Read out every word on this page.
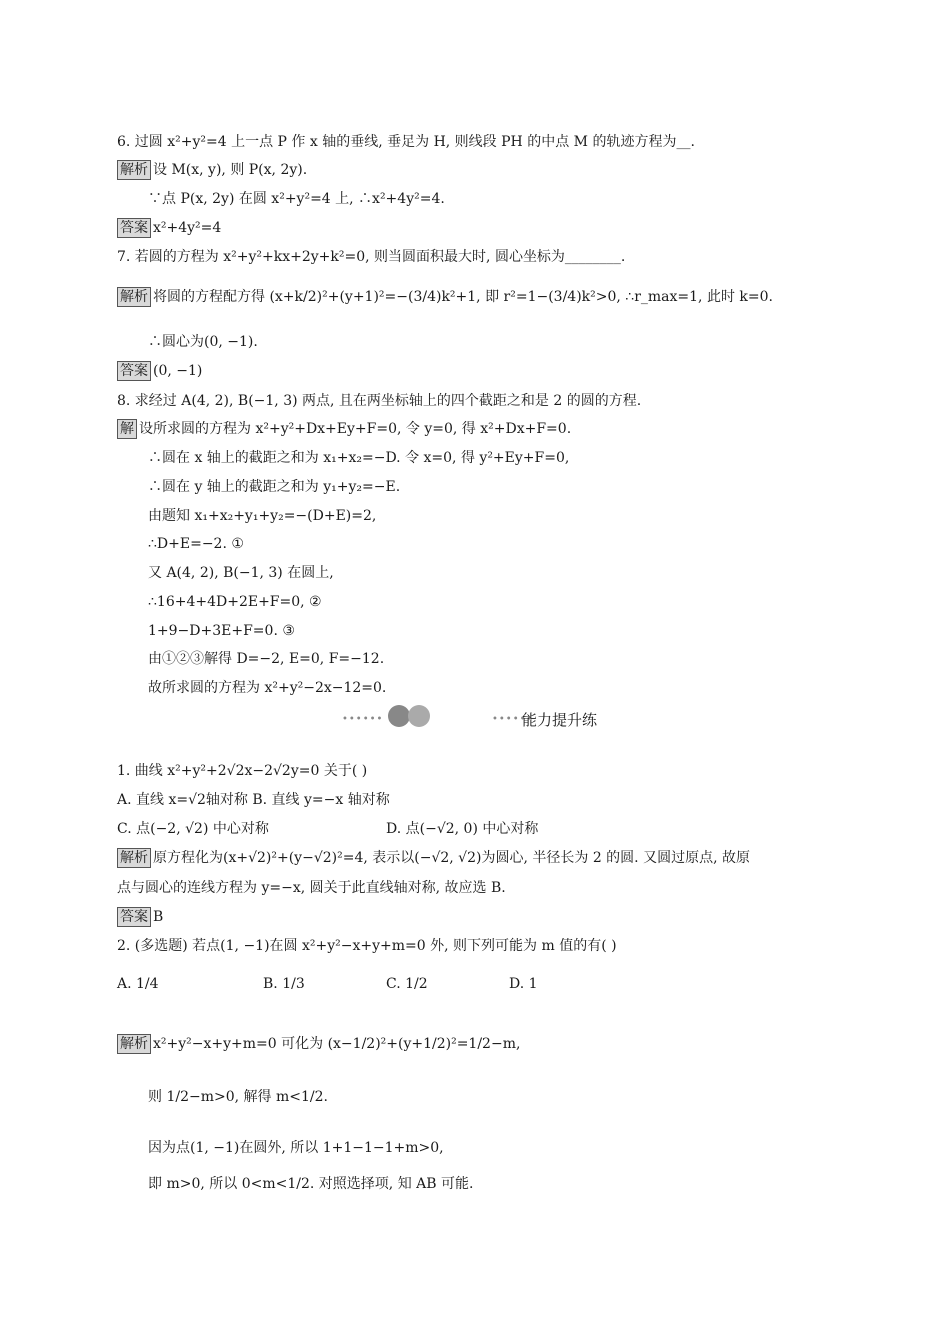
6. 过圆 x²+y²=4 上一点 P 作 x 轴的垂线, 垂足为 H, 则线段 PH 的中点 M 的轨迹方程为__.
解析 设 M(x, y), 则 P(x, 2y).
∵点 P(x, 2y) 在圆 x²+y²=4 上, ∴x²+4y²=4.
答案 x²+4y²=4
7. 若圆的方程为 x²+y²+kx+2y+k²=0, 则当圆面积最大时, 圆心坐标为________.
解析 将圆的方程配方得 (x+k/2)²+(y+1)²=−(3/4)k²+1, 即 r²=1−(3/4)k²>0, ∴r_max=1, 此时 k=0.
∴圆心为(0, −1).
答案 (0, −1)
8. 求经过 A(4, 2), B(−1, 3) 两点, 且在两坐标轴上的四个截距之和是 2 的圆的方程.
解 设所求圆的方程为 x²+y²+Dx+Ey+F=0, 令 y=0, 得 x²+Dx+F=0.
∴圆在 x 轴上的截距之和为 x₁+x₂=−D. 令 x=0, 得 y²+Ey+F=0,
∴圆在 y 轴上的截距之和为 y₁+y₂=−E.
由题知 x₁+x₂+y₁+y₂=−(D+E)=2,
∴D+E=−2. ①
又 A(4, 2), B(−1, 3) 在圆上,
∴16+4+4D+2E+F=0, ②
1+9−D+3E+F=0. ③
由①②③解得 D=−2, E=0, F=−12.
故所求圆的方程为 x²+y²−2x−12=0.
••••••	••••••
能力提升练
1. 曲线 x²+y²+2√2x−2√2y=0 关于( )
A. 直线 x=√2轴对称 B. 直线 y=−x 轴对称
C. 点(−2, √2) 中心对称	D. 点(−√2, 0) 中心对称
解析 原方程化为(x+√2)²+(y−√2)²=4, 表示以(−√2, √2)为圆心, 半径长为 2 的圆. 又圆过原点, 故原
点与圆心的连线方程为 y=−x, 圆关于此直线轴对称, 故应选 B.
答案 B
2. (多选题) 若点(1, −1)在圆 x²+y²−x+y+m=0 外, 则下列可能为 m 值的有( )
A. 1/4	B. 1/3	C. 1/2	D. 1
解析 x²+y²−x+y+m=0 可化为 (x−1/2)²+(y+1/2)²=1/2−m,
则 1/2−m>0, 解得 m<1/2.
因为点(1, −1)在圆外, 所以 1+1−1−1+m>0,
即 m>0, 所以 0<m<1/2. 对照选择项, 知 AB 可能.
